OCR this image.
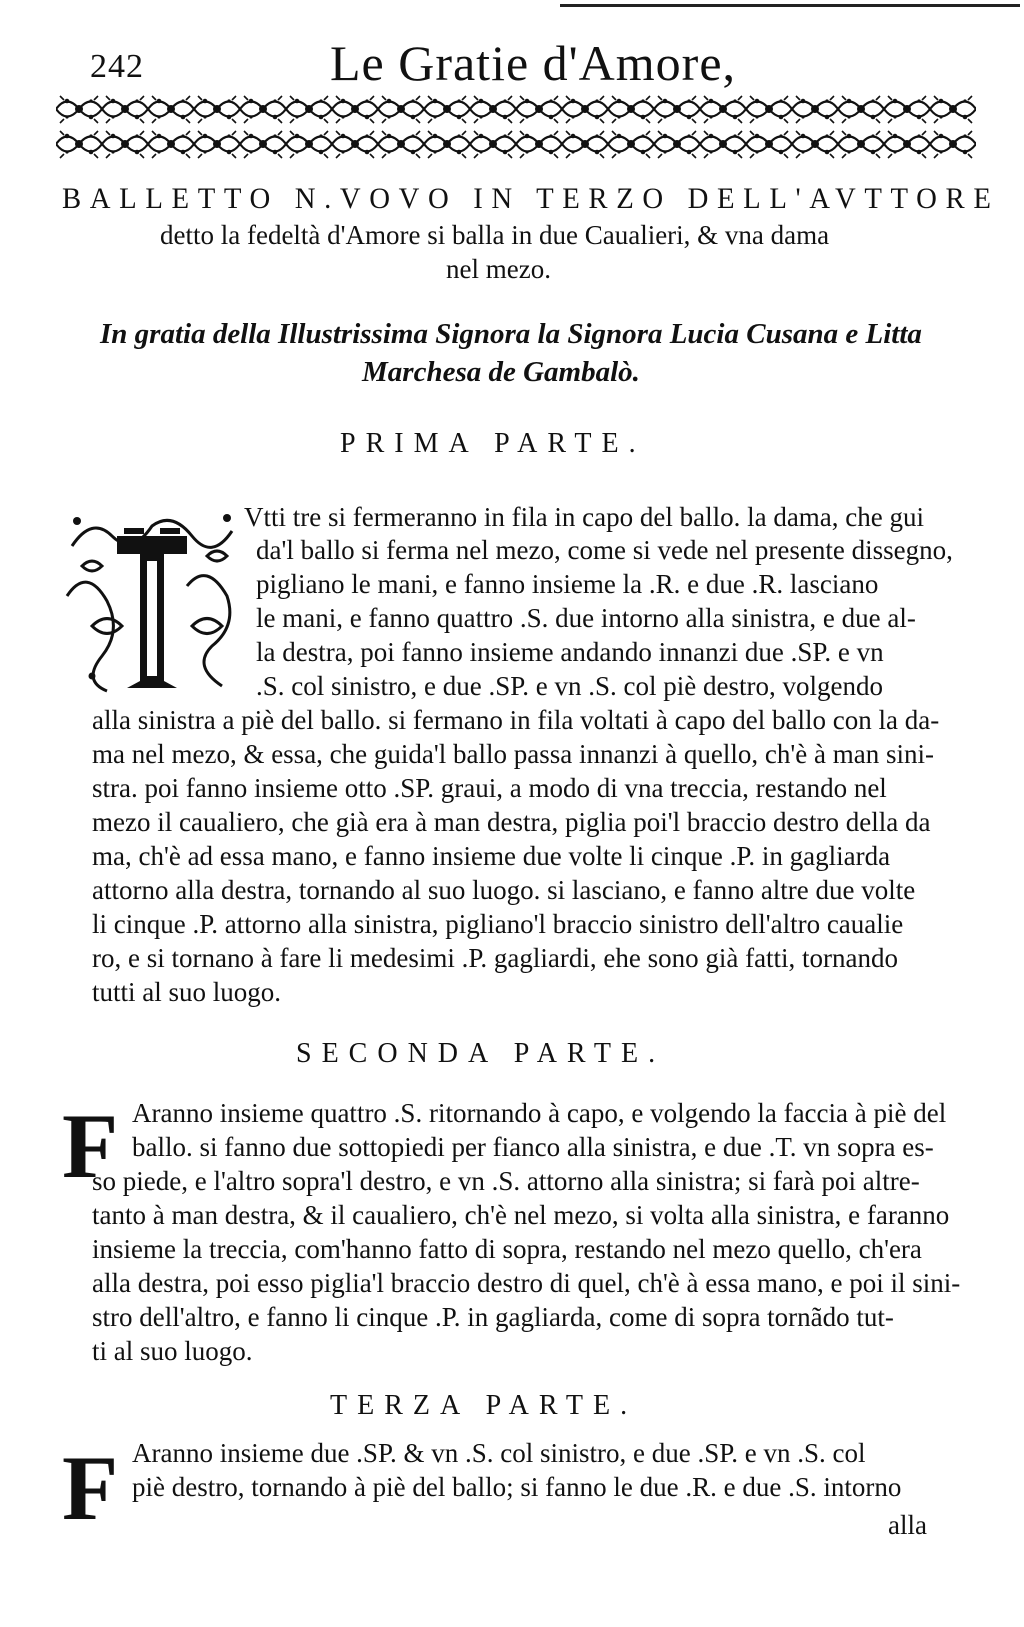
242	Le Gratie d'Amore,
BALLETTO N.VOVO IN TERZO DELL'AVTTORE
detto la fedeltà d'Amore si balla in due Caualieri, & vna dama
nel mezo.
In gratia della Illustrissima Signora la Signora Lucia Cusana e Litta
Marchesa de Gambalò.
PRIMA PARTE.
Vtti tre si fermeranno in fila in capo del ballo. la dama, che gui
da'l ballo si ferma nel mezo, come si vede nel presente dissegno,
pigliano le mani, e fanno insieme la .R. e due .R. lasciano
le mani, e fanno quattro .S. due intorno alla sinistra, e due al-
la destra, poi fanno insieme andando innanzi due .SP. e vn
.S. col sinistro, e due .SP. e vn .S. col piè destro, volgendo
alla sinistra a piè del ballo. si fermano in fila voltati à capo del ballo con la da-
ma nel mezo, & essa, che guida'l ballo passa innanzi à quello, ch'è à man sini-
stra. poi fanno insieme otto .SP. graui, a modo di vna treccia, restando nel
mezo il caualiero, che già era à man destra, piglia poi'l braccio destro della da
ma, ch'è ad essa mano, e fanno insieme due volte li cinque .P. in gagliarda
attorno alla destra, tornando al suo luogo. si lasciano, e fanno altre due volte
li cinque .P. attorno alla sinistra, pigliano'l braccio sinistro dell'altro caualie
ro, e si tornano à fare li medesimi .P. gagliardi, ehe sono già fatti, tornando
tutti al suo luogo.
SECONDA PARTE.
F Aranno insieme quattro .S. ritornando à capo, e volgendo la faccia à piè del
ballo. si fanno due sottopiedi per fianco alla sinistra, e due .T. vn sopra es-
so piede, e l'altro sopra'l destro, e vn .S. attorno alla sinistra; si farà poi altre-
tanto à man destra, & il caualiero, ch'è nel mezo, si volta alla sinistra, e faranno
insieme la treccia, com'hanno fatto di sopra, restando nel mezo quello, ch'era
alla destra, poi esso piglia'l braccio destro di quel, ch'è à essa mano, e poi il sini-
stro dell'altro, e fanno li cinque .P. in gagliarda, come di sopra tornãdo tut-
ti al suo luogo.
TERZA PARTE.
F Aranno insieme due .SP. & vn .S. col sinistro, e due .SP. e vn .S. col
piè destro, tornando à piè del ballo; si fanno le due .R. e due .S. intorno
alla
